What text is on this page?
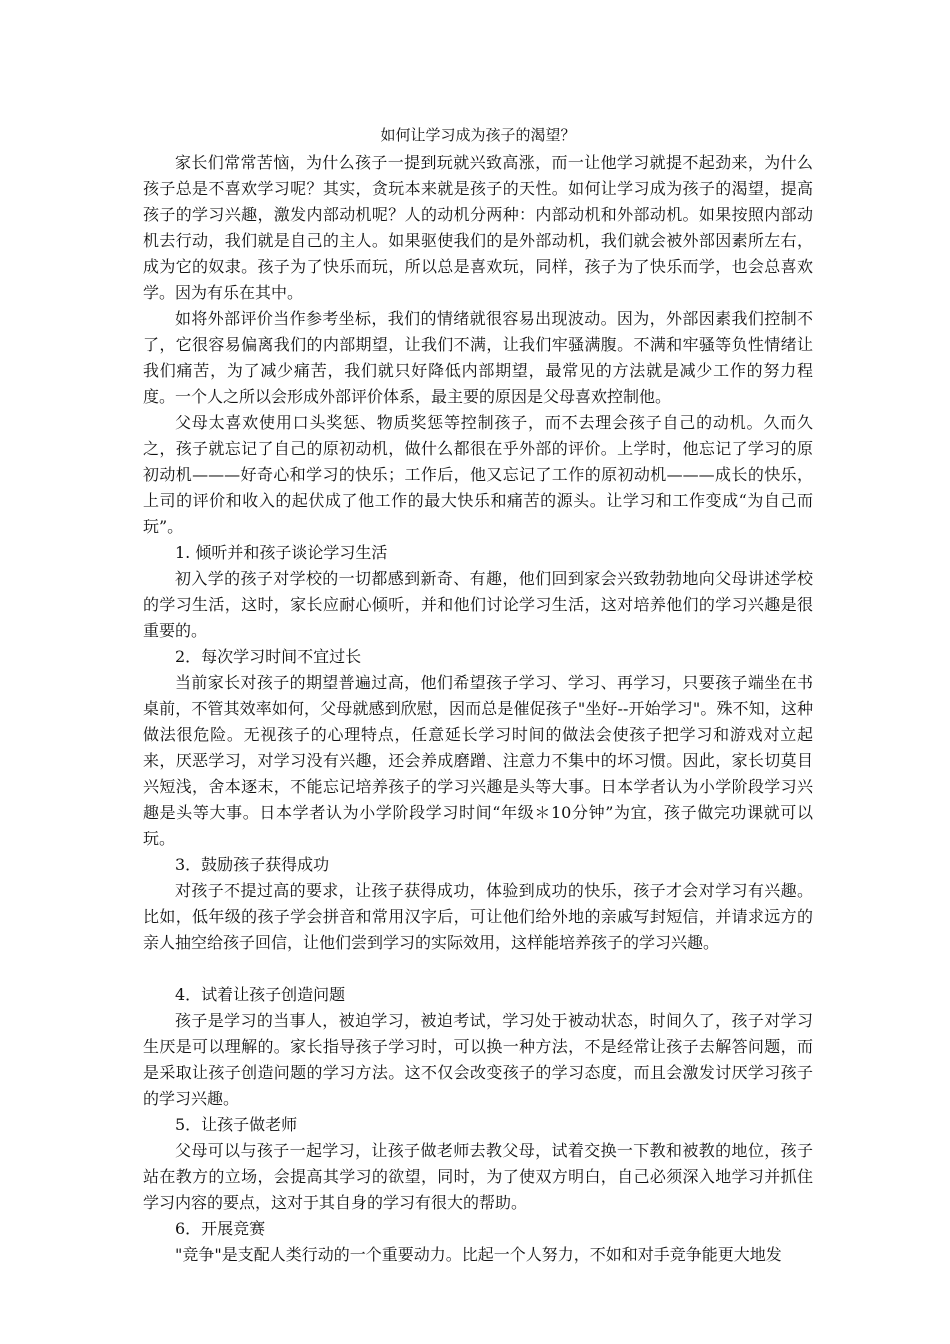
如何让学习成为孩子的渴望？

家长们常常苦恼，为什么孩子一提到玩就兴致高涨，而一让他学习就提不起劲来，为什么孩子总是不喜欢学习呢？其实，贪玩本来就是孩子的天性。如何让学习成为孩子的渴望，提高孩子的学习兴趣，激发内部动机呢？人的动机分两种：内部动机和外部动机。如果按照内部动机去行动，我们就是自己的主人。如果驱使我们的是外部动机，我们就会被外部因素所左右，成为它的奴隶。孩子为了快乐而玩，所以总是喜欢玩，同样，孩子为了快乐而学，也会总喜欢学。因为有乐在其中。

如将外部评价当作参考坐标，我们的情绪就很容易出现波动。因为，外部因素我们控制不了，它很容易偏离我们的内部期望，让我们不满，让我们牢骚满腹。不满和牢骚等负性情绪让我们痛苦，为了减少痛苦，我们就只好降低内部期望，最常见的方法就是减少工作的努力程度。一个人之所以会形成外部评价体系，最主要的原因是父母喜欢控制他。

父母太喜欢使用口头奖惩、物质奖惩等控制孩子，而不去理会孩子自己的动机。久而久之，孩子就忘记了自己的原初动机，做什么都很在乎外部的评价。上学时，他忘记了学习的原初动机———好奇心和学习的快乐；工作后，他又忘记了工作的原初动机———成长的快乐，上司的评价和收入的起伏成了他工作的最大快乐和痛苦的源头。让学习和工作变成“为自己而玩”。

1. 倾听并和孩子谈论学习生活

初入学的孩子对学校的一切都感到新奇、有趣，他们回到家会兴致勃勃地向父母讲述学校的学习生活，这时，家长应耐心倾听，并和他们讨论学习生活，这对培养他们的学习兴趣是很重要的。

2．每次学习时间不宜过长

当前家长对孩子的期望普遍过高，他们希望孩子学习、学习、再学习，只要孩子端坐在书桌前，不管其效率如何，父母就感到欣慰，因而总是催促孩子"坐好--开始学习"。殊不知，这种做法很危险。无视孩子的心理特点，任意延长学习时间的做法会使孩子把学习和游戏对立起来，厌恶学习，对学习没有兴趣，还会养成磨蹭、注意力不集中的坏习惯。因此，家长切莫目兴短浅，舍本逐末，不能忘记培养孩子的学习兴趣是头等大事。日本学者认为小学阶段学习兴趣是头等大事。日本学者认为小学阶段学习时间“年级＊10分钟”为宜，孩子做完功课就可以玩。

3．鼓励孩子获得成功

对孩子不提过高的要求，让孩子获得成功，体验到成功的快乐，孩子才会对学习有兴趣。比如，低年级的孩子学会拼音和常用汉字后，可让他们给外地的亲戚写封短信，并请求远方的亲人抽空给孩子回信，让他们尝到学习的实际效用，这样能培养孩子的学习兴趣。

4．试着让孩子创造问题

孩子是学习的当事人，被迫学习，被迫考试，学习处于被动状态，时间久了，孩子对学习生厌是可以理解的。家长指导孩子学习时，可以换一种方法，不是经常让孩子去解答问题，而是采取让孩子创造问题的学习方法。这不仅会改变孩子的学习态度，而且会激发讨厌学习孩子的学习兴趣。

5．让孩子做老师

父母可以与孩子一起学习，让孩子做老师去教父母，试着交换一下教和被教的地位，孩子站在教方的立场，会提高其学习的欲望，同时，为了使双方明白，自己必须深入地学习并抓住学习内容的要点，这对于其自身的学习有很大的帮助。

6．开展竞赛

"竞争"是支配人类行动的一个重要动力。比起一个人努力，不如和对手竞争能更大地发
